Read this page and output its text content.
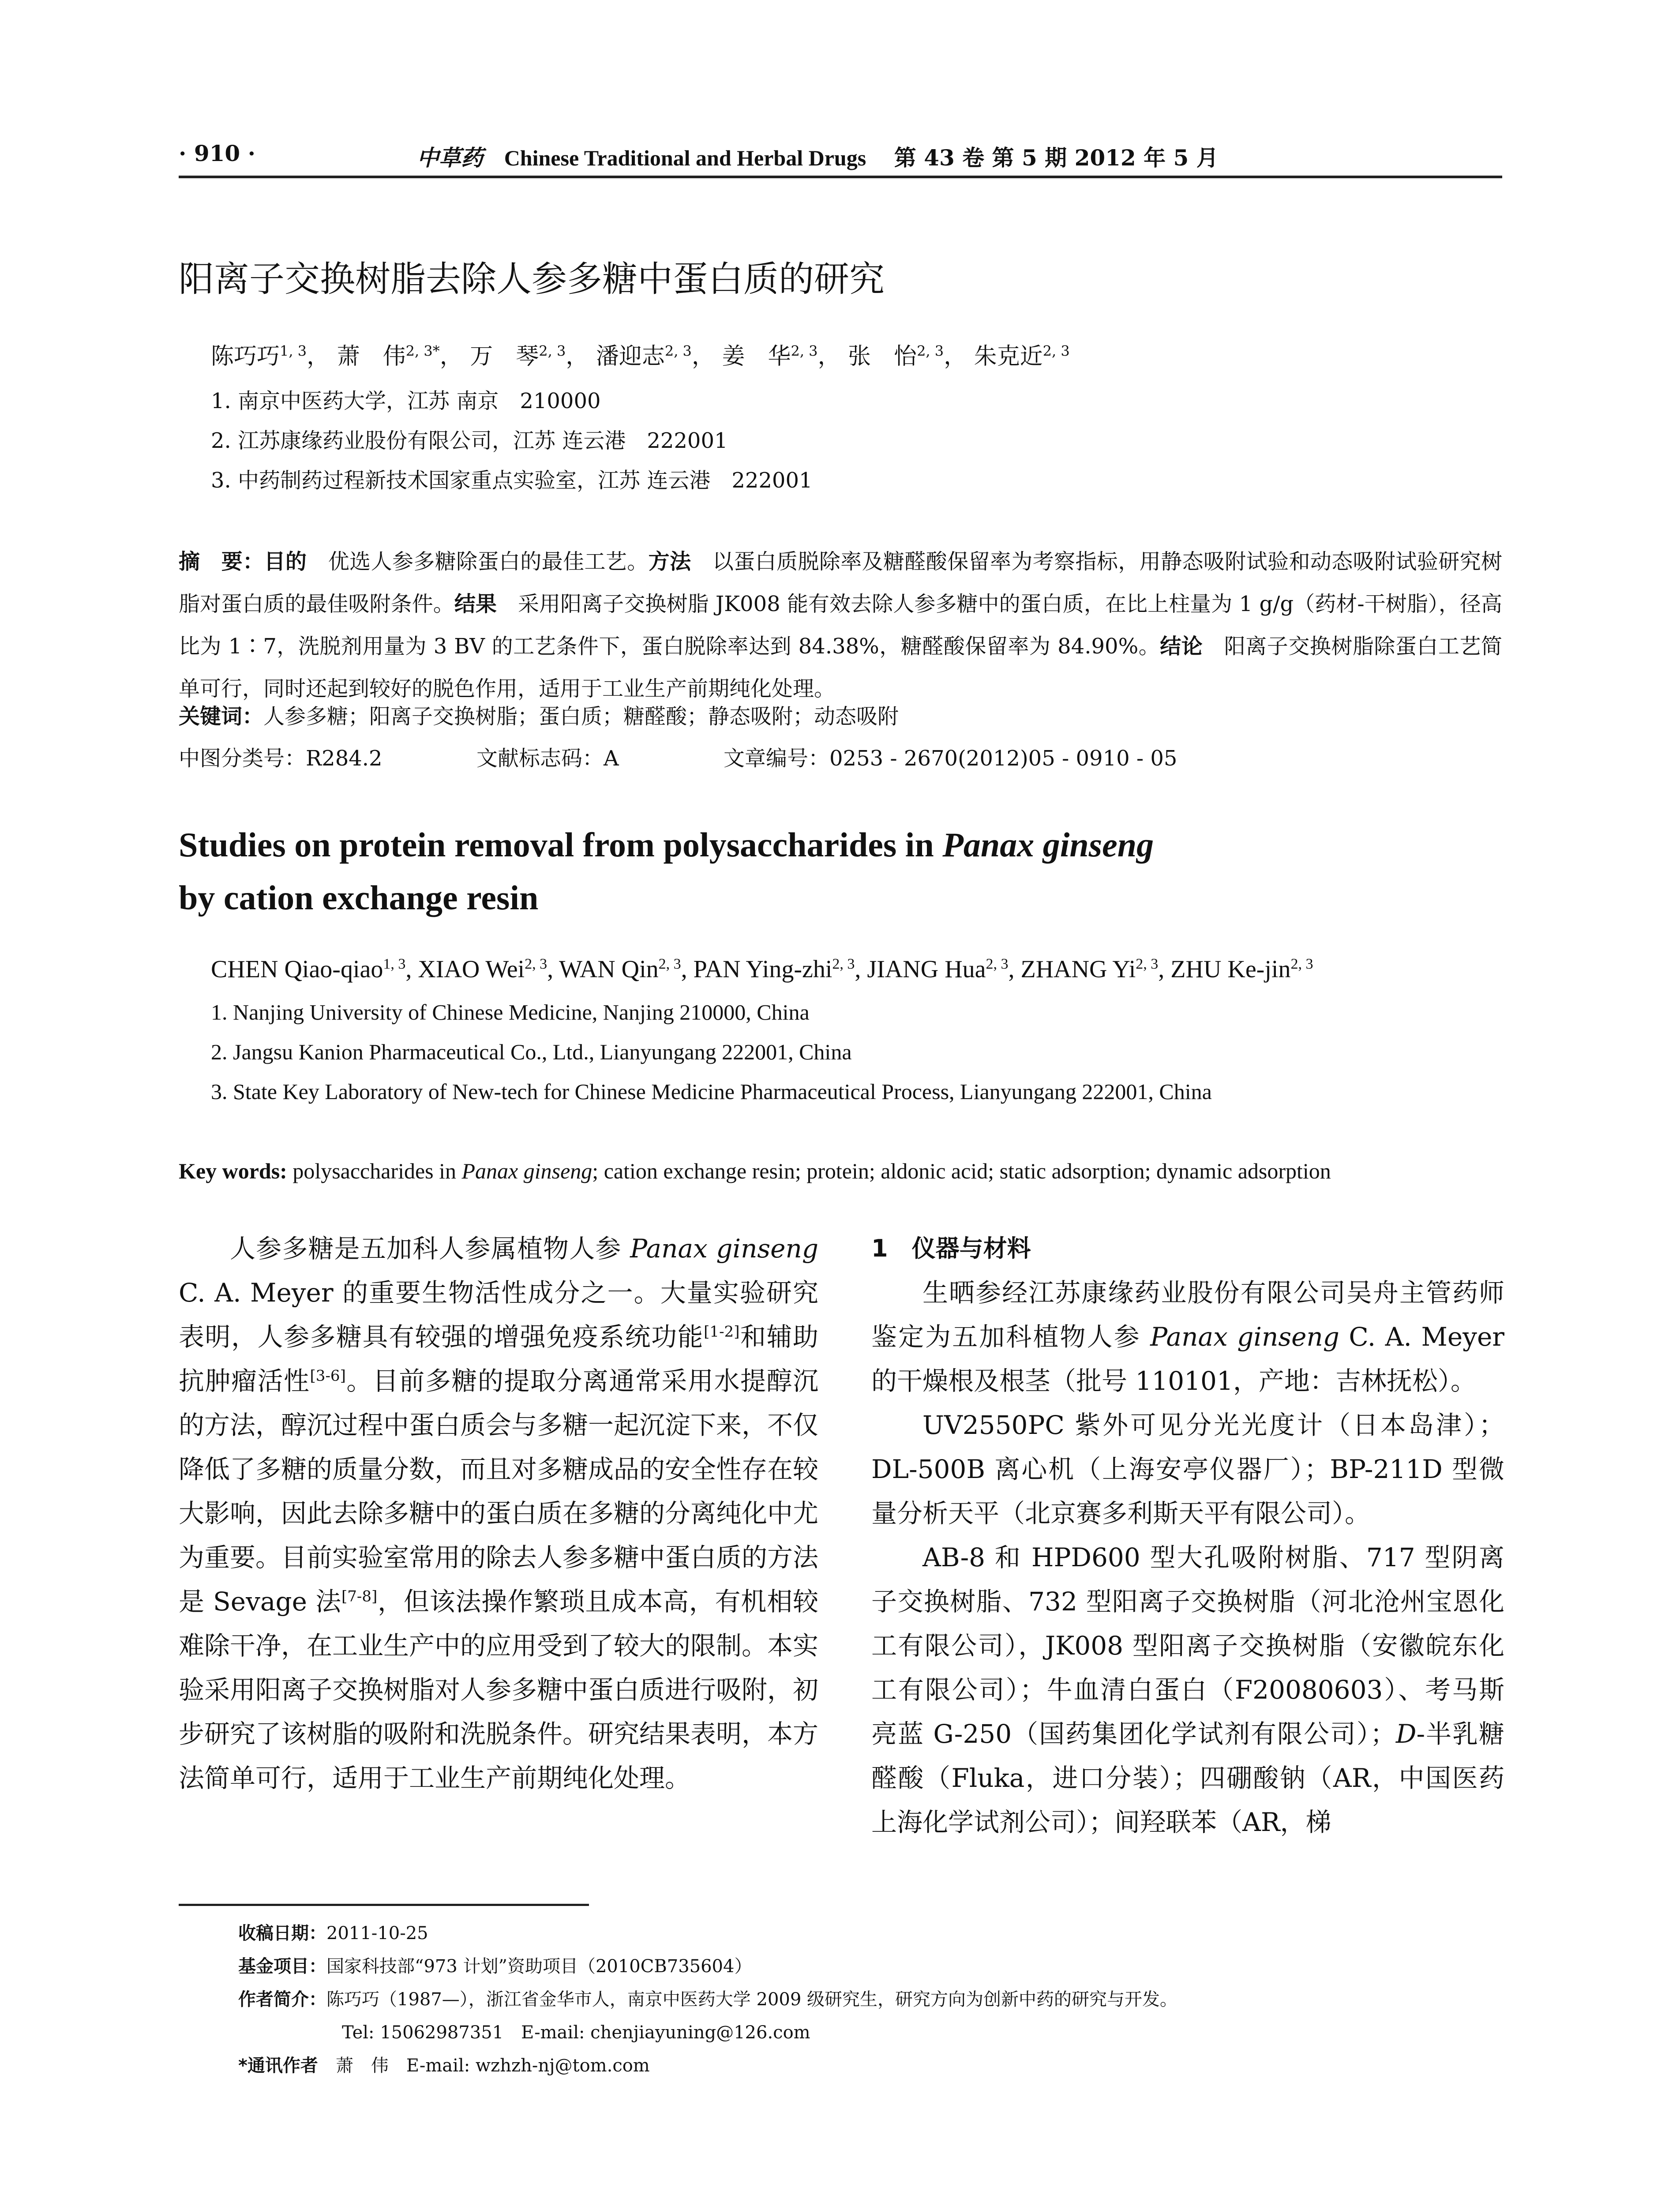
· 910 ·	中草药 Chinese Traditional and Herbal Drugs 第 43 卷 第 5 期 2012 年 5 月
阳离子交换树脂去除人参多糖中蛋白质的研究
陈巧巧$^{1, 3}$， 萧　伟$^{2, 3*}$， 万　琴$^{2, 3}$， 潘迎志$^{2, 3}$， 姜　华$^{2, 3}$， 张　怡$^{2, 3}$， 朱克近$^{2, 3}$
1. 南京中医药大学，江苏 南京　210000
2. 江苏康缘药业股份有限公司，江苏 连云港　222001
3. 中药制药过程新技术国家重点实验室，江苏 连云港　222001
摘　要：目的　 优选人参多糖除蛋白的最佳工艺。方法　 以蛋白质脱除率及糖醛酸保留率为考察指标，用静态吸附试验和动态吸附试验研究树脂对蛋白质的最佳吸附条件。结果　 采用阳离子交换树脂 JK008 能有效去除人参多糖中的蛋白质，在比上柱量为 1 g/g（药材-干树脂），径高比为 1∶7，洗脱剂用量为 3 BV 的工艺条件下，蛋白脱除率达到 84.38%，糖醛酸保留率为 84.90%。结论　 阳离子交换树脂除蛋白工艺简单可行，同时还起到较好的脱色作用，适用于工业生产前期纯化处理。
关键词：人参多糖；阳离子交换树脂；蛋白质；糖醛酸；静态吸附；动态吸附
中图分类号：R284.2	文献标志码：A	文章编号：0253 - 2670(2012)05 - 0910 - 05
Studies on protein removal from polysaccharides in Panax ginseng
by cation exchange resin
CHEN Qiao-qiao$^{1, 3}$, XIAO Wei$^{2, 3}$, WAN Qin$^{2, 3}$, PAN Ying-zhi$^{2, 3}$, JIANG Hua$^{2, 3}$, ZHANG Yi$^{2, 3}$, ZHU Ke-jin$^{2, 3}$
1. Nanjing University of Chinese Medicine, Nanjing 210000, China
2. Jangsu Kanion Pharmaceutical Co., Ltd., Lianyungang 222001, China
3. State Key Laboratory of New-tech for Chinese Medicine Pharmaceutical Process, Lianyungang 222001, China
Key words: polysaccharides in Panax ginseng; cation exchange resin; protein; aldonic acid; static adsorption; dynamic adsorption

人参多糖是五加科人参属植物人参 Panax ginseng C. A. Meyer 的重要生物活性成分之一。大量实验研究表明，人参多糖具有较强的增强免疫系统功能[1-2]和辅助抗肿瘤活性[3-6]。目前多糖的提取分离通常采用水提醇沉的方法，醇沉过程中蛋白质会与多糖一起沉淀下来，不仅降低了多糖的质量分数，而且对多糖成品的安全性存在较大影响，因此去除多糖中的蛋白质在多糖的分离纯化中尤为重要。目前实验室常用的除去人参多糖中蛋白质的方法是 Sevage 法[7-8]，但该法操作繁琐且成本高，有机相较难除干净，在工业生产中的应用受到了较大的限制。本实验采用阳离子交换树脂对人参多糖中蛋白质进行吸附，初步研究了该树脂的吸附和洗脱条件。研究结果表明，本方法简单可行，适用于工业生产前期纯化处理。

1　仪器与材料

生晒参经江苏康缘药业股份有限公司吴舟主管药师鉴定为五加科植物人参 Panax ginseng C. A. Meyer 的干燥根及根茎（批号 110101，产地：吉林抚松）。

UV2550PC 紫外可见分光光度计（日本岛津）；DL-500B 离心机（上海安亭仪器厂）；BP-211D 型微量分析天平（北京赛多利斯天平有限公司）。

AB-8 和 HPD600 型大孔吸附树脂、717 型阴离子交换树脂、732 型阳离子交换树脂（河北沧州宝恩化工有限公司），JK008 型阳离子交换树脂（安徽皖东化工有限公司）；牛血清白蛋白（F20080603）、考马斯亮蓝 G-250（国药集团化学试剂有限公司）；D-半乳糖醛酸（Fluka，进口分装）；四硼酸钠（AR，中国医药上海化学试剂公司）；间羟联苯（AR，梯

收稿日期：2011-10-25
基金项目：国家科技部“973 计划”资助项目（2010CB735604）
作者简介：陈巧巧（1987—），浙江省金华市人，南京中医药大学 2009 级研究生，研究方向为创新中药的研究与开发。
Tel: 15062987351　E-mail: chenjiayuning@126.com
*通讯作者　萧　伟　E-mail: wzhzh-nj@tom.com
